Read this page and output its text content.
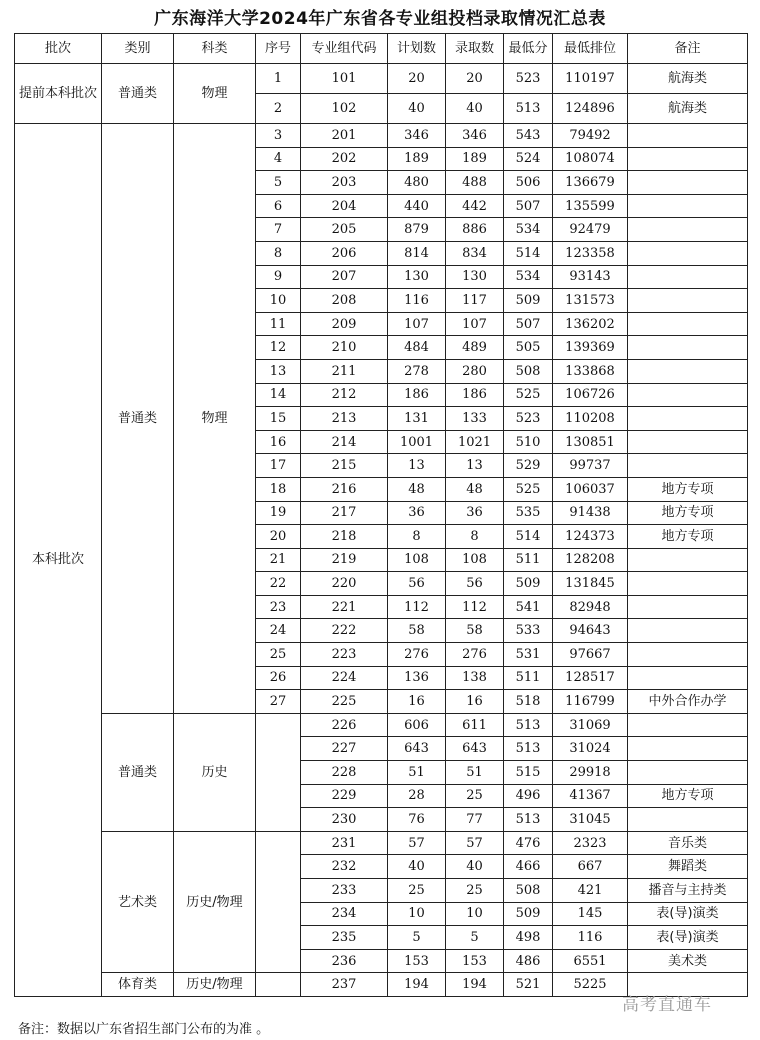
广东海洋大学2024年广东省各专业组投档录取情况汇总表
批次	类别	科类	序号	专业组代码	计划数	录取数	最低分	最低排位	备注
提前本科批次	普通类	物理	1	101	20	20	523	110197	航海类
			2	102	40	40	513	124896	航海类
本科批次	普通类	物理	3	201	346	346	543	79492	
			4	202	189	189	524	108074	
			5	203	480	488	506	136679	
			6	204	440	442	507	135599	
			7	205	879	886	534	92479	
			8	206	814	834	514	123358	
			9	207	130	130	534	93143	
			10	208	116	117	509	131573	
			11	209	107	107	507	136202	
			12	210	484	489	505	139369	
			13	211	278	280	508	133868	
			14	212	186	186	525	106726	
			15	213	131	133	523	110208	
			16	214	1001	1021	510	130851	
			17	215	13	13	529	99737	
			18	216	48	48	525	106037	地方专项
			19	217	36	36	535	91438	地方专项
			20	218	8	8	514	124373	地方专项
			21	219	108	108	511	128208	
			22	220	56	56	509	131845	
			23	221	112	112	541	82948	
			24	222	58	58	533	94643	
			25	223	276	276	531	97667	
			26	224	136	138	511	128517	
			27	225	16	16	518	116799	中外合作办学
	普通类	历史		226	606	611	513	31069	
				227	643	643	513	31024	
				228	51	51	515	29918	
				229	28	25	496	41367	地方专项
				230	76	77	513	31045	
	艺术类	历史/物理		231	57	57	476	2323	音乐类
				232	40	40	466	667	舞蹈类
				233	25	25	508	421	播音与主持类
				234	10	10	509	145	表(导)演类
				235	5	5	498	116	表(导)演类
				236	153	153	486	6551	美术类
	体育类	历史/物理		237	194	194	521	5225	
备注：数据以广东省招生部门公布的为准 。
高考直通车
